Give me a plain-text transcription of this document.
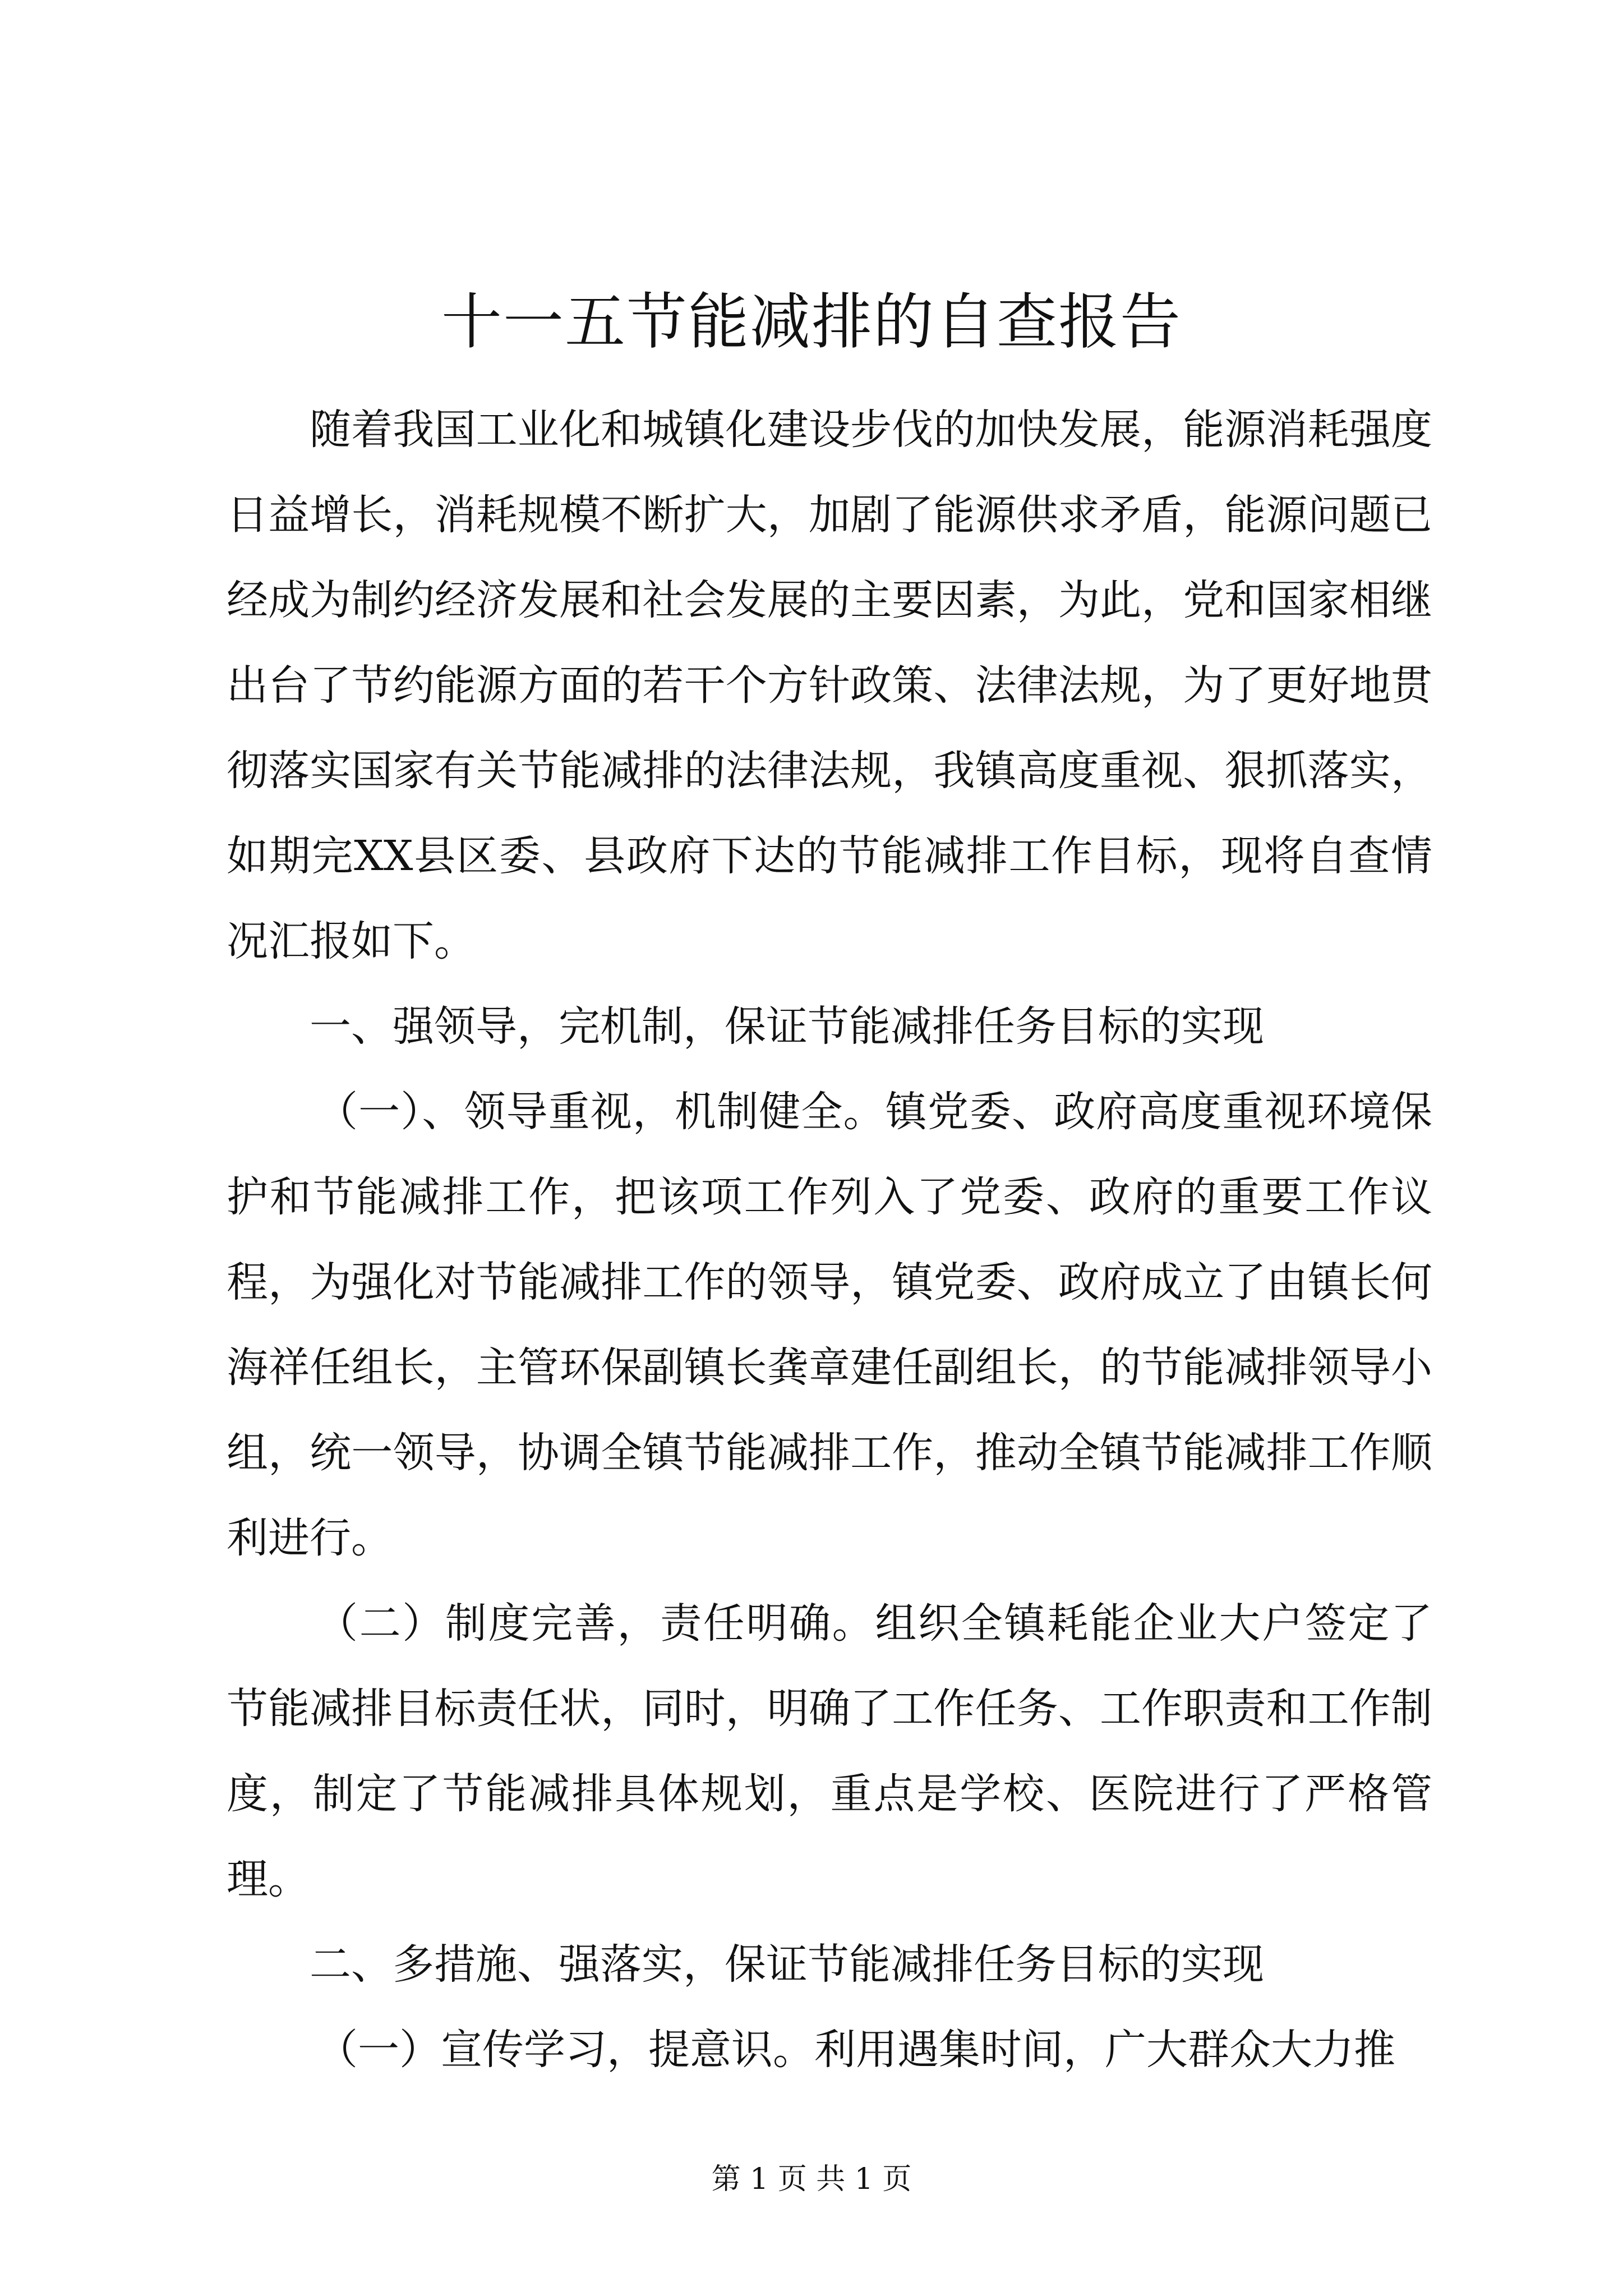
十一五节能减排的自查报告

随着我国工业化和城镇化建设步伐的加快发展，能源消耗强度日益增长，消耗规模不断扩大，加剧了能源供求矛盾，能源问题已经成为制约经济发展和社会发展的主要因素，为此，党和国家相继出台了节约能源方面的若干个方针政策、法律法规，为了更好地贯彻落实国家有关节能减排的法律法规，我镇高度重视、狠抓落实，如期完XX县区委、县政府下达的节能减排工作目标，现将自查情况汇报如下。

一、强领导，完机制，保证节能减排任务目标的实现

（一）、领导重视，机制健全。镇党委、政府高度重视环境保护和节能减排工作，把该项工作列入了党委、政府的重要工作议程，为强化对节能减排工作的领导，镇党委、政府成立了由镇长何海祥任组长，主管环保副镇长龚章建任副组长，的节能减排领导小组，统一领导，协调全镇节能减排工作，推动全镇节能减排工作顺利进行。

（二）制度完善，责任明确。组织全镇耗能企业大户签定了节能减排目标责任状，同时，明确了工作任务、工作职责和工作制度，制定了节能减排具体规划，重点是学校、医院进行了严格管理。

二、多措施、强落实，保证节能减排任务目标的实现

（一）宣传学习，提意识。利用遇集时间，广大群众大力推

第 1 页 共 1 页
